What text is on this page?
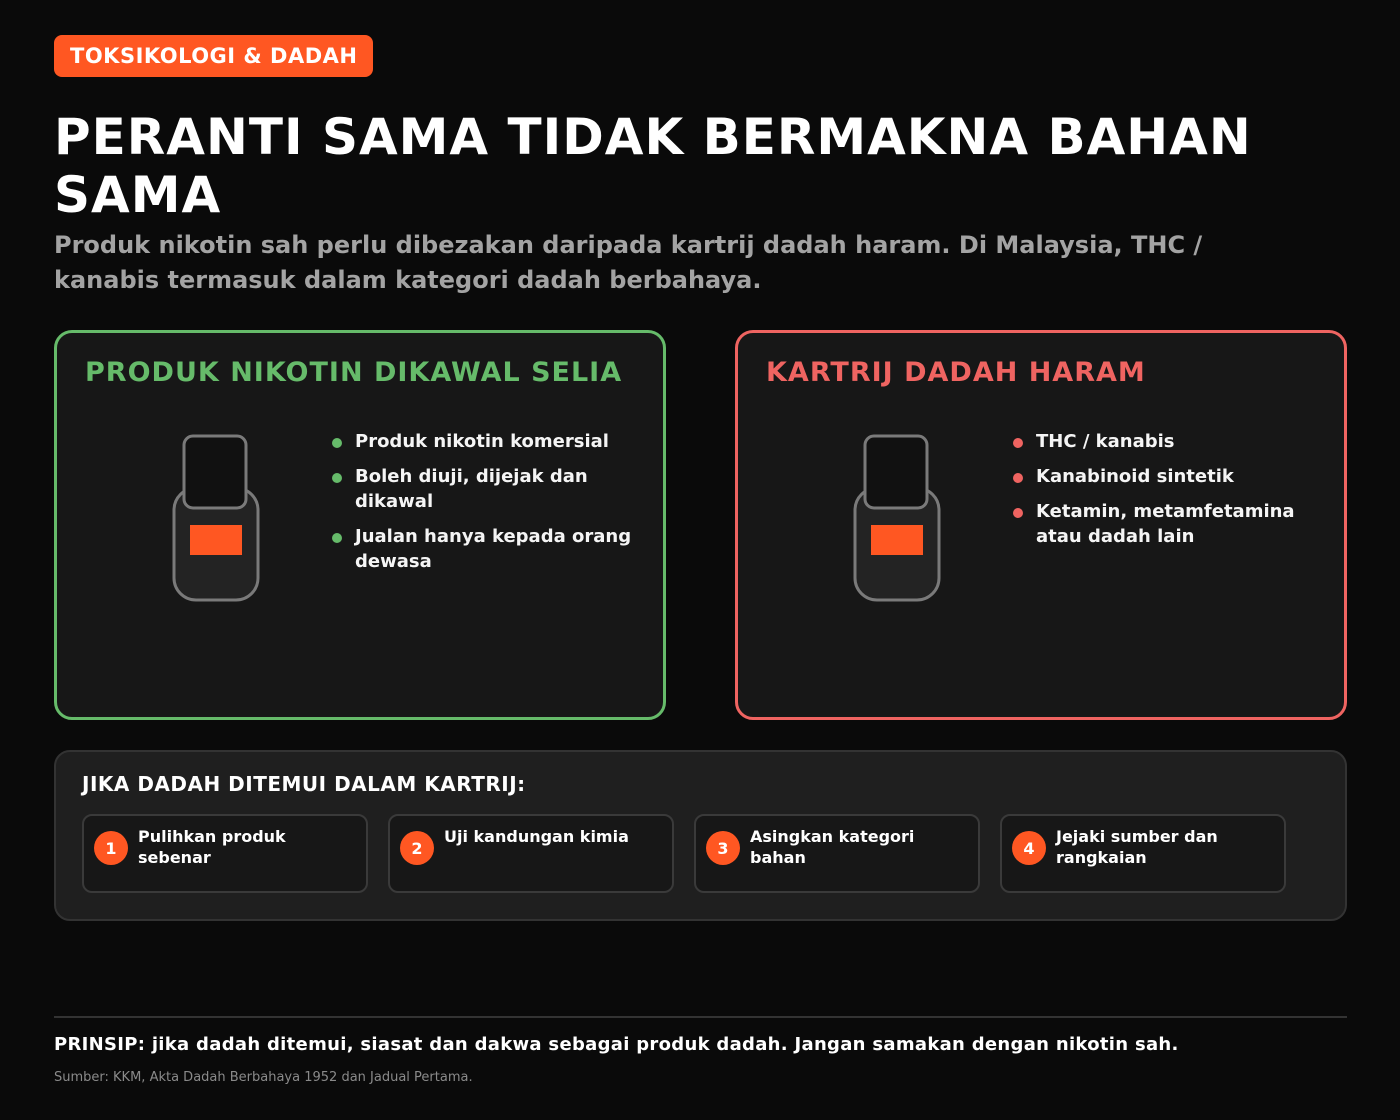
TOKSIKOLOGI & DADAH
PERANTI SAMA TIDAK BERMAKNA BAHAN SAMA

Produk nikotin sah perlu dibezakan daripada kartrij dadah haram. Di Malaysia, THC / kanabis termasuk dalam kategori dadah berbahaya.

PRODUK NIKOTIN DIKAWAL SELIA
Produk nikotin komersial
Boleh diuji, dijejak dan dikawal
Jualan hanya kepada orang dewasa
KARTRIJ DADAH HARAM
THC / kanabis
Kanabinoid sintetik
Ketamin, metamfetamina atau dadah lain
JIKA DADAH DITEMUI DALAM KARTRIJ:
1
Pulihkan produk sebenar	2
Uji kandungan kimia
3
Asingkan kategori bahan	4
Jejaki sumber dan rangkaian

PRINSIP: jika dadah ditemui, siasat dan dakwa sebagai produk dadah. Jangan samakan dengan nikotin sah.

Sumber: KKM, Akta Dadah Berbahaya 1952 dan Jadual Pertama.
